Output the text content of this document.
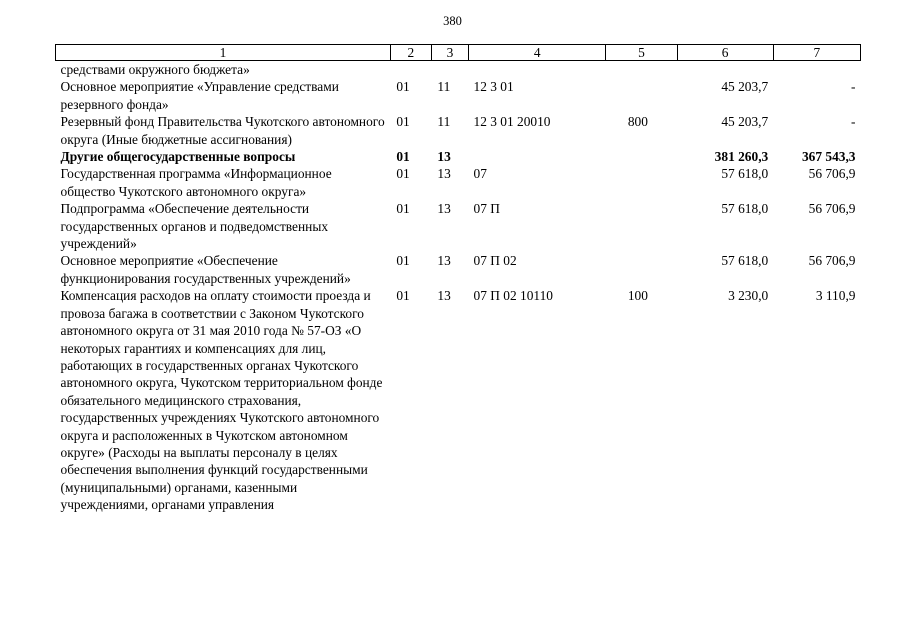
380
1	2	3	4	5	6	7
средствами окружного бюджета»						
Основное мероприятие «Управление средствами резервного фонда»	01	11	12 3 01		45 203,7	-
Резервный фонд Правительства Чукотского автономного округа (Иные бюджетные ассигнования)	01	11	12 3 01 20010	800	45 203,7	-
Другие общегосударственные вопросы	01	13			381 260,3	367 543,3
Государственная программа «Информационное общество Чукотского автономного округа»	01	13	07		57 618,0	56 706,9
Подпрограмма «Обеспечение деятельности государственных органов и подведомственных учреждений»	01	13	07 П		57 618,0	56 706,9
Основное мероприятие «Обеспечение функционирования государственных учреждений»	01	13	07 П 02		57 618,0	56 706,9
Компенсация расходов на оплату стоимости проезда и провоза багажа в соответствии с Законом Чукотского автономного округа от 31 мая 2010 года № 57-ОЗ «О некоторых гарантиях и компенсациях для лиц, работающих в государственных органах Чукотского автономного округа, Чукотском территориальном фонде обязательного медицинского страхования, государственных учреждениях Чукотского автономного округа и расположенных в Чукотском автономном округе» (Расходы на выплаты персоналу в целях обеспечения выполнения функций государственными (муниципальными) органами, казенными учреждениями, органами управления	01	13	07 П 02 10110	100	3 230,0	3 110,9
